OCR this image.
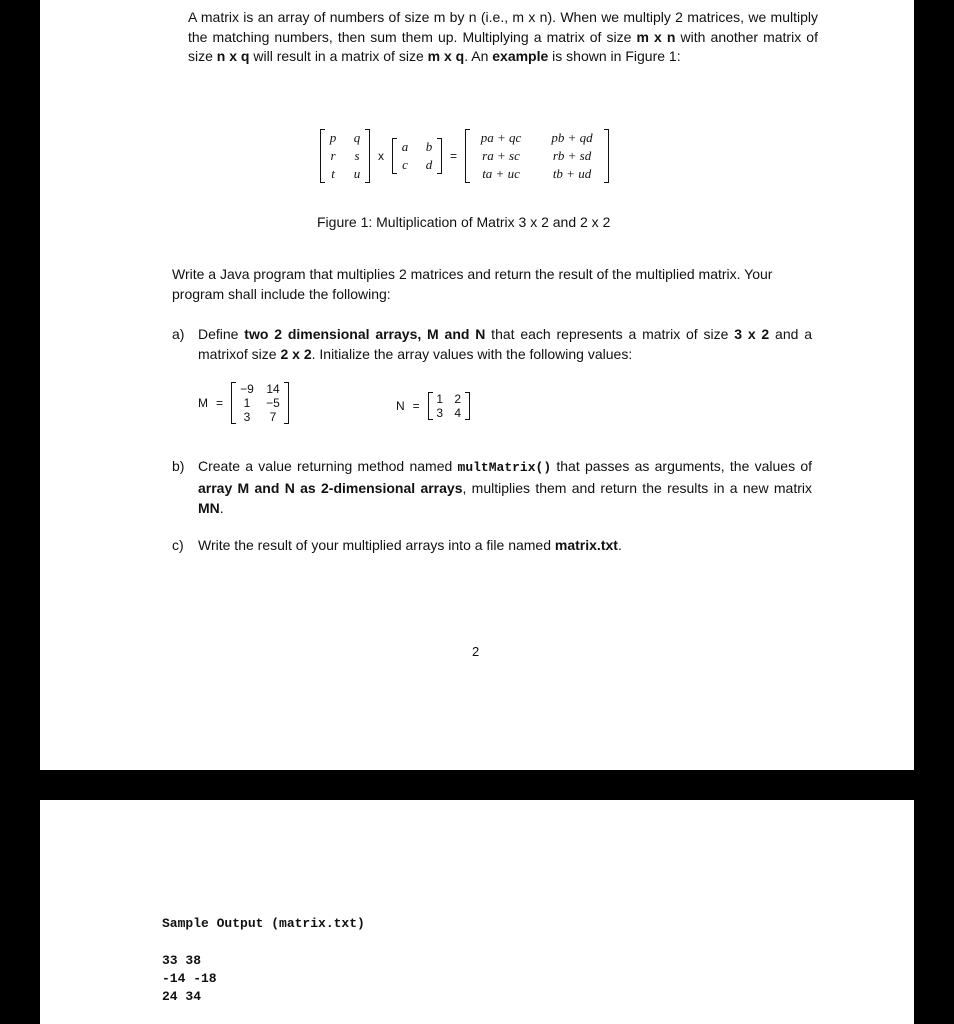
A matrix is an array of numbers of size m by n (i.e., m x n). When we multiply 2 matrices, we multiply the matching numbers, then sum them up. Multiplying a matrix of size m x n with another matrix of size n x q will result in a matrix of size m x q. An example is shown in Figure 1:

p q
r	s
t	u
x
a b
c	d
=
pa + qc	pb + qd
ra + sc	rb + sd
ta + uc	tb + ud
Figure 1: Multiplication of Matrix 3 x 2 and 2 x 2

Write a Java program that multiplies 2 matrices and return the result of the multiplied matrix. Your program shall include the following:

a) Define two 2 dimensional arrays, M and N that each represents a matrix of size 3 x 2 and a matrixof size 2 x 2. Initialize the array values with the following values:
M =
−9 14
1	−5
3	7
N = 1 2
3 4
b) Create a value returning method named multMatrix() that passes as arguments, the values of array M and N as 2-dimensional arrays, multiplies them and return the results in a new matrix MN.
c)	Write the result of your multiplied arrays into a file named matrix.txt.
2

Sample Output (matrix.txt)

33 38
-14 -18
24 34
